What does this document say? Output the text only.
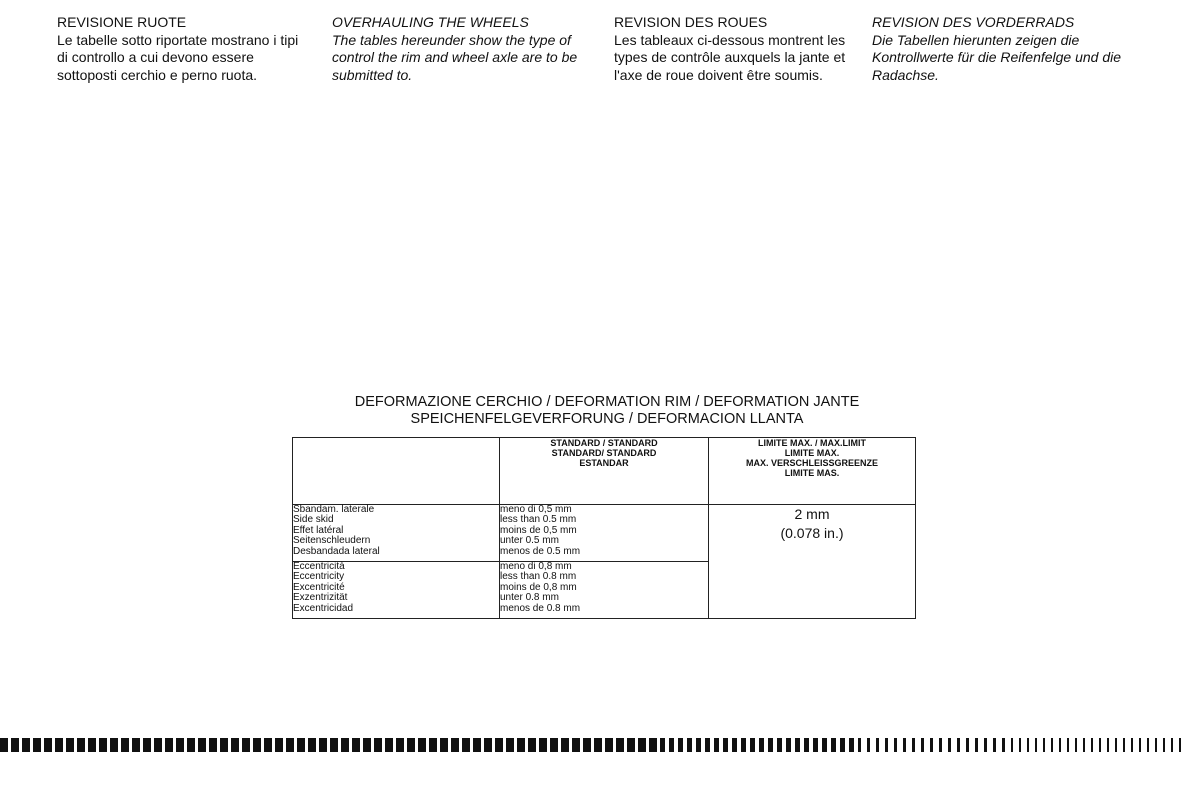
REVISIONE RUOTE
Le tabelle sotto riportate mostrano i tipi di controllo a cui devono essere sottoposti cerchio e perno ruota.
OVERHAULING THE WHEELS
The tables hereunder show the type of control the rim and wheel axle are to be submitted to.
REVISION DES ROUES
Les tableaux ci-dessous montrent les types de contrôle auxquels la jante et l'axe de roue doivent être soumis.
REVISION DES VORDERRADS
Die Tabellen hierunten zeigen die Kontrollwerte für die Reifenfelge und die Radachse.
DEFORMAZIONE CERCHIO / DEFORMATION RIM / DEFORMATION JANTE
SPEICHENFELGEVERFORUNG / DEFORMACION LLANTA

	STANDARD / STANDARD
STANDARD/ STANDARD
ESTANDAR	LIMITE MAX. / MAX.LIMIT
LIMITE MAX.
MAX. VERSCHLEISSGREENZE
LIMITE MAS.

Sbandam. laterale
Side skid
Effet latéral
Seitenschleudern
Desbandada lateral	meno di 0,5 mm
less than 0.5 mm
moins de 0,5 mm
unter 0.5 mm
menos de 0.5 mm	2 mm
(0.078 in.)

Eccentricità
Eccentricity
Excentricité
Exzentrizität
Excentricidad	meno di 0,8 mm
less than 0.8 mm
moins de 0,8 mm
unter 0.8 mm
menos de 0.8 mm	
